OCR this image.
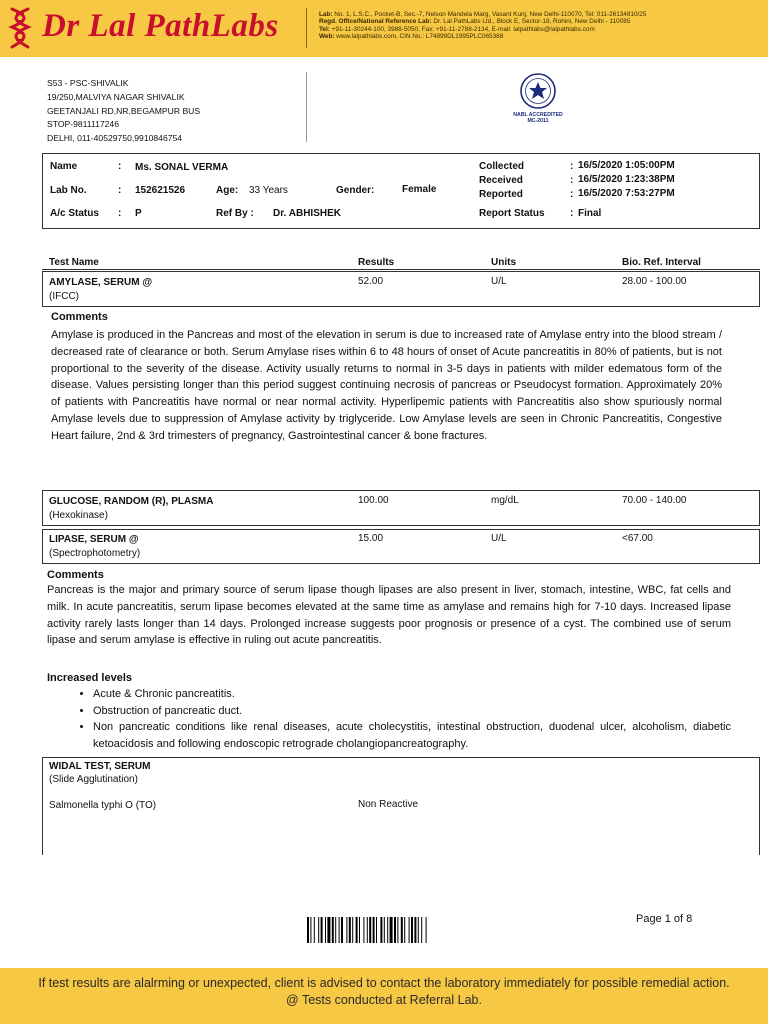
Dr Lal PathLabs	Lab: No. 1, L.S.C., Pocket-B, Sec.-7, Nelson Mandela Marg, Vasant Kunj, New Delhi-110070, Tel: 011-26134810/25
Regd. Office/National Reference Lab: Dr. Lal PathLabs Ltd., Block E, Sector-18, Rohini, New Delhi - 110085
Tel: +91-11-30244-100, 3988-5050, Fax: +91-11-2788-2134, E-mail: lalpathlabs@lalpathlabs.com
Web: www.lalpathlabs.com, CIN No.: L74899DL1995PLC065388
S53 - PSC-SHIVALIK
19/250,MALVIYA NAGAR SHIVALIK
GEETANJALI RD,NR,BEGAMPUR BUS
STOP-9811117246
DELHI, 011-40529750,9910846754
NABL ACCREDITED
MC-2011
Name	: Ms. SONAL VERMA
Lab No.	: 152621526	Age: 33 Years	Gender:	Female
A/c Status : P	Ref By : Dr. ABHISHEK
Collected	: 16/5/2020 1:05:00PM
Received	: 16/5/2020 1:23:38PM
Reported	: 16/5/2020 7:53:27PM
Report Status	: Final
Test Name	Results	Units	Bio. Ref. Interval
AMYLASE, SERUM @
(IFCC)
52.00	U/L	28.00 - 100.00
Comments
Amylase is produced in the Pancreas and most of the elevation in serum is due to increased rate of Amylase entry into the blood stream / decreased rate of clearance or both. Serum Amylase rises within 6 to 48 hours of onset of Acute pancreatitis in 80% of patients, but is not proportional to the severity of the disease. Activity usually returns to normal in 3-5 days in patients with milder edematous form of the disease. Values persisting longer than this period suggest continuing necrosis of pancreas or Pseudocyst formation. Approximately 20% of patients with Pancreatitis have normal or near normal activity. Hyperlipemic patients with Pancreatitis also show spuriously normal Amylase levels due to suppression of Amylase activity by triglyceride. Low Amylase levels are seen in Chronic Pancreatitis, Congestive Heart failure, 2nd & 3rd trimesters of pregnancy, Gastrointestinal cancer & bone fractures.
GLUCOSE, RANDOM (R), PLASMA
(Hexokinase)
100.00	mg/dL	70.00 - 140.00
LIPASE, SERUM @
(Spectrophotometry)
15.00	U/L	<67.00
Comments
Pancreas is the major and primary source of serum lipase though lipases are also present in liver, stomach, intestine, WBC, fat cells and milk. In acute pancreatitis, serum lipase becomes elevated at the same time as amylase and remains high for 7-10 days. Increased lipase activity rarely lasts longer than 14 days. Prolonged increase suggests poor prognosis or presence of a cyst. The combined use of serum lipase and serum amylase is effective in ruling out acute pancreatitis.
Increased levels
• Acute & Chronic pancreatitis.
• Obstruction of pancreatic duct.
• Non pancreatic conditions like renal diseases, acute cholecystitis, intestinal obstruction, duodenal ulcer, alcoholism, diabetic ketoacidosis and following endoscopic retrograde cholangiopancreatography.
WIDAL TEST, SERUM
(Slide Agglutination)
Salmonella typhi O (TO)	Non Reactive
Page 1 of 8
If test results are alalrming or unexpected, client is advised to contact the laboratory immediately for possible remedial action.
@ Tests conducted at Referral Lab.
